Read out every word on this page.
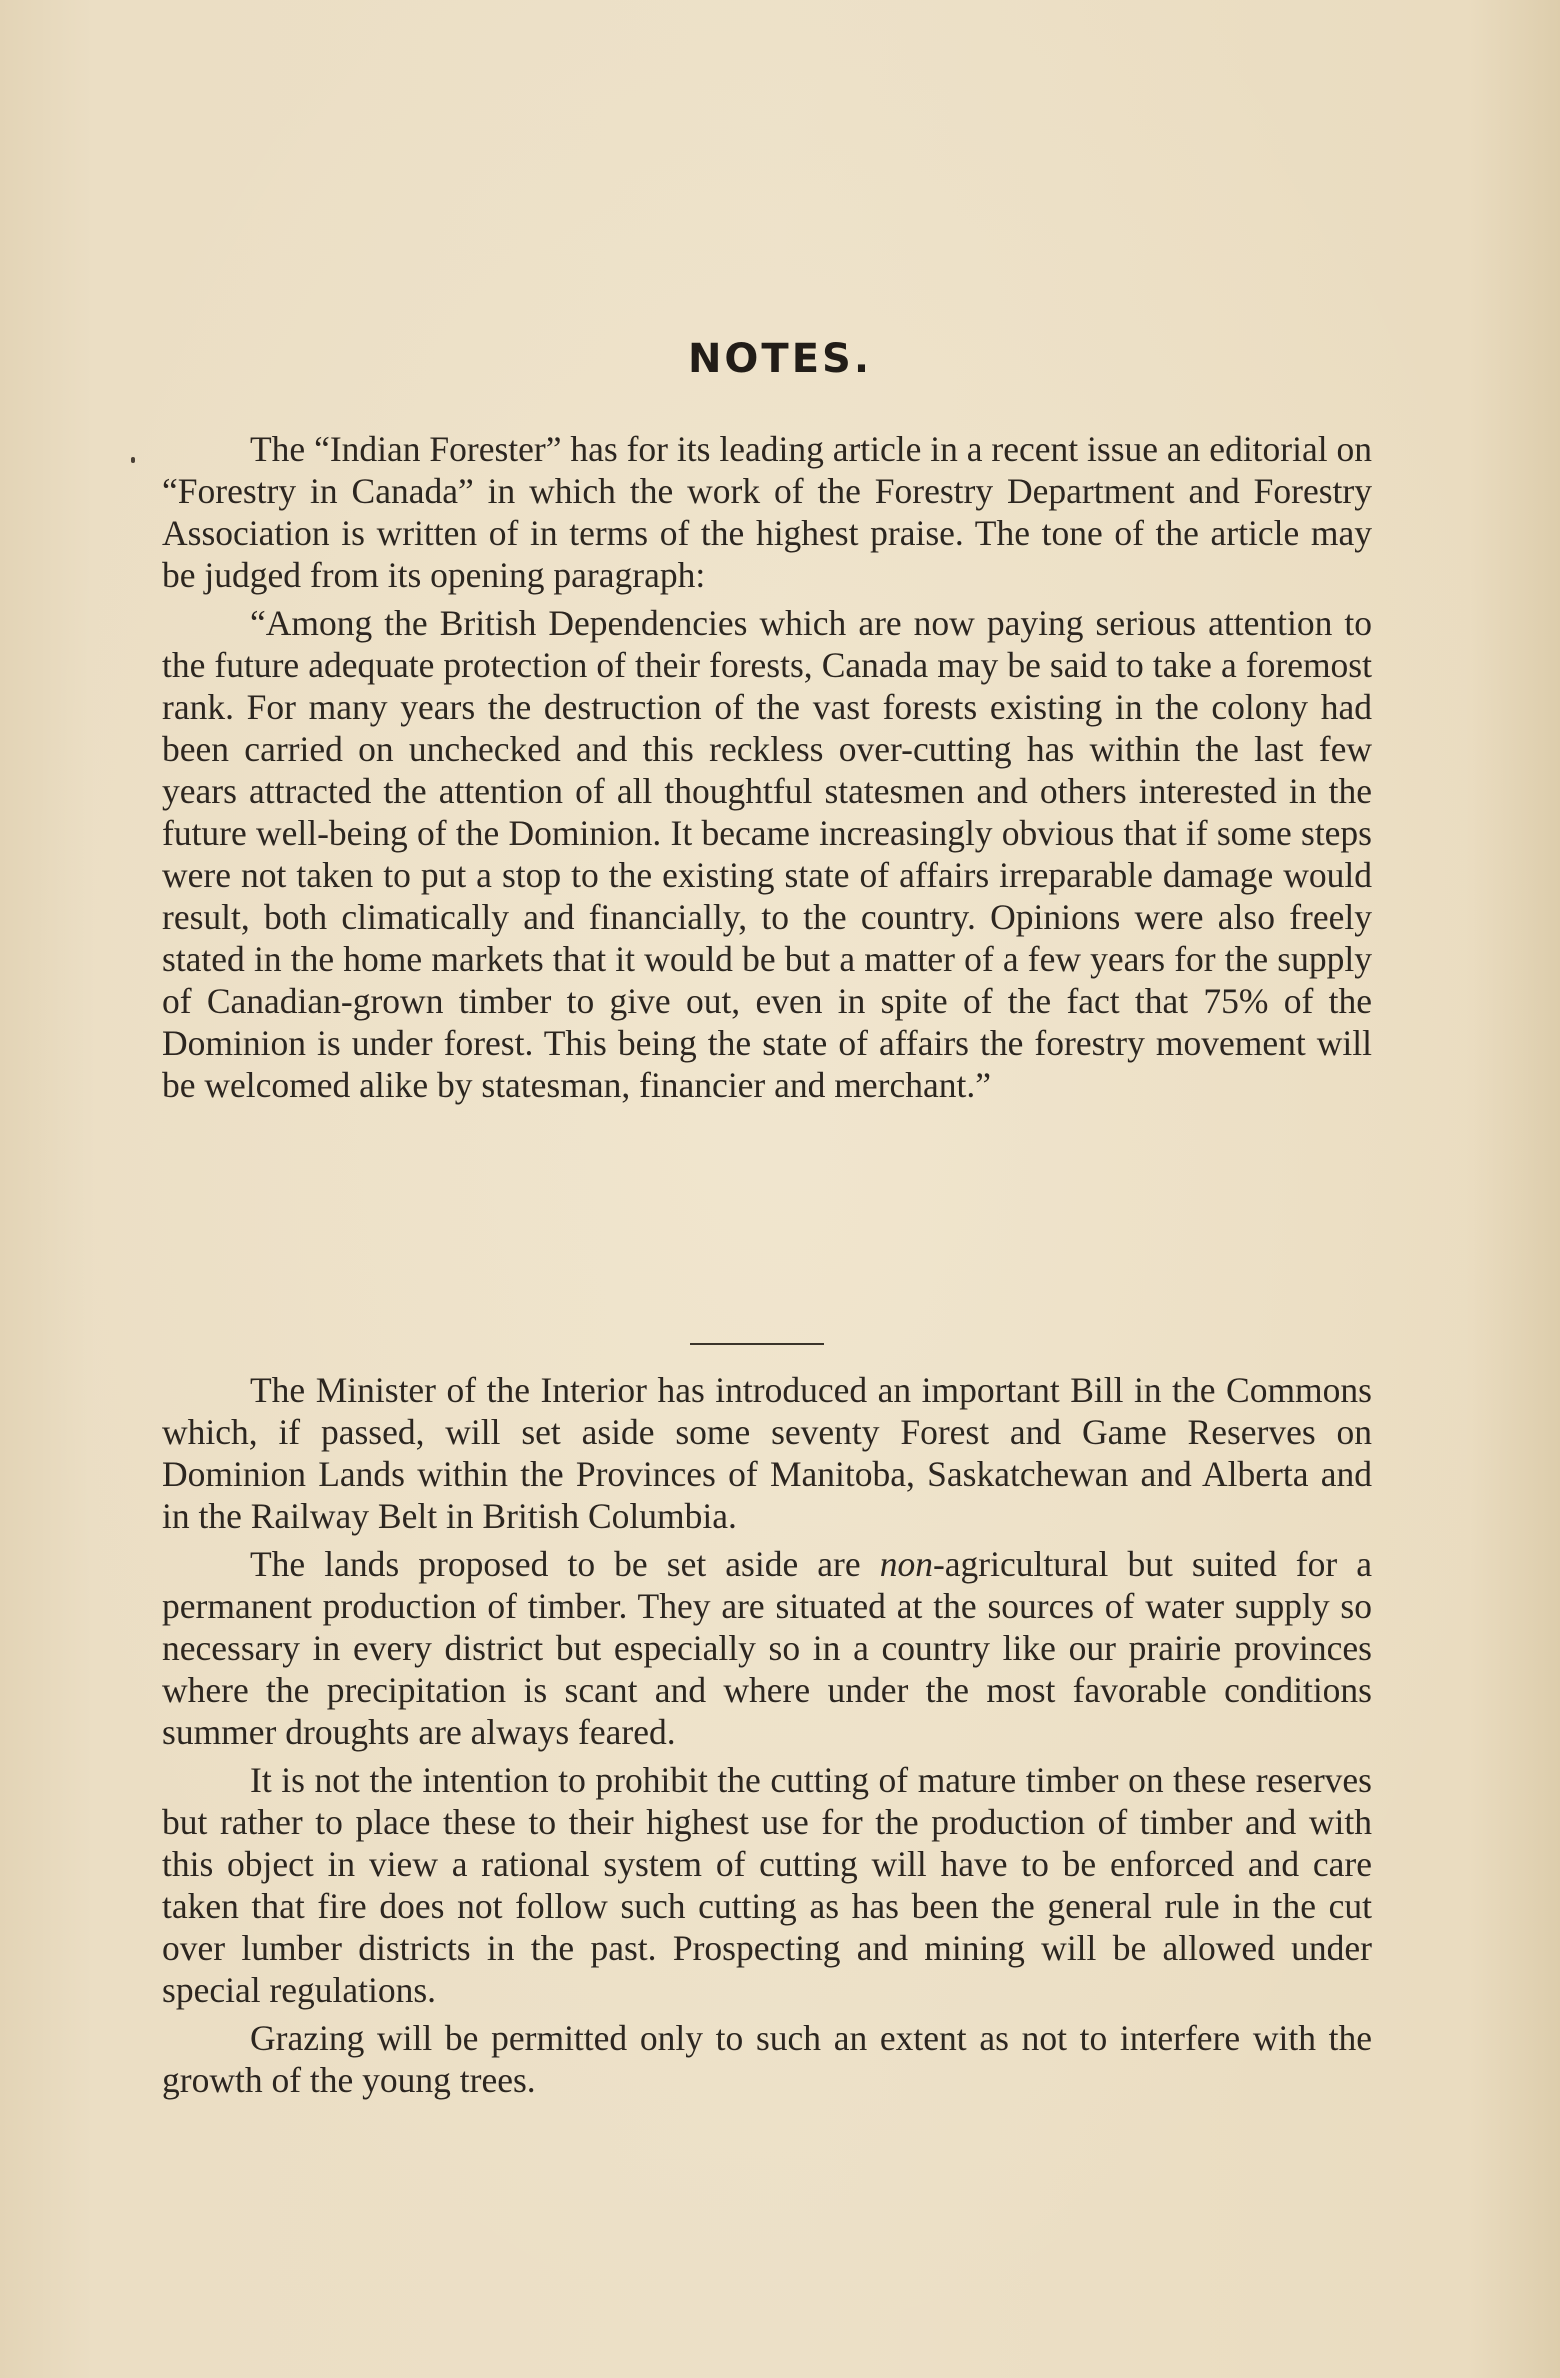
NOTES.

The “Indian Forester” has for its leading article in a recent issue an editorial on “Forestry in Canada” in which the work of the Forestry Department and Forestry Association is written of in terms of the highest praise. The tone of the article may be judged from its opening paragraph:

“Among the British Dependencies which are now paying serious attention to the future adequate protection of their forests, Canada may be said to take a foremost rank. For many years the destruction of the vast forests existing in the colony had been carried on unchecked and this reckless over-cutting has within the last few years attracted the attention of all thoughtful statesmen and others interested in the future well-being of the Dominion. It became increasingly obvious that if some steps were not taken to put a stop to the existing state of affairs irreparable damage would result, both climatically and financially, to the country. Opinions were also freely stated in the home markets that it would be but a matter of a few years for the supply of Canadian-grown timber to give out, even in spite of the fact that 75% of the Dominion is under forest. This being the state of affairs the forestry movement will be welcomed alike by statesman, financier and merchant.”

The Minister of the Interior has introduced an important Bill in the Commons which, if passed, will set aside some seventy Forest and Game Reserves on Dominion Lands within the Provinces of Manitoba, Saskatchewan and Alberta and in the Railway Belt in British Columbia.

The lands proposed to be set aside are non-agricultural but suited for a permanent production of timber. They are situated at the sources of water supply so necessary in every district but especially so in a country like our prairie provinces where the precipitation is scant and where under the most favorable conditions summer droughts are always feared.

It is not the intention to prohibit the cutting of mature timber on these reserves but rather to place these to their highest use for the production of timber and with this object in view a rational system of cutting will have to be enforced and care taken that fire does not follow such cutting as has been the general rule in the cut over lumber districts in the past. Prospecting and mining will be allowed under special regulations.

Grazing will be permitted only to such an extent as not to interfere with the growth of the young trees.
